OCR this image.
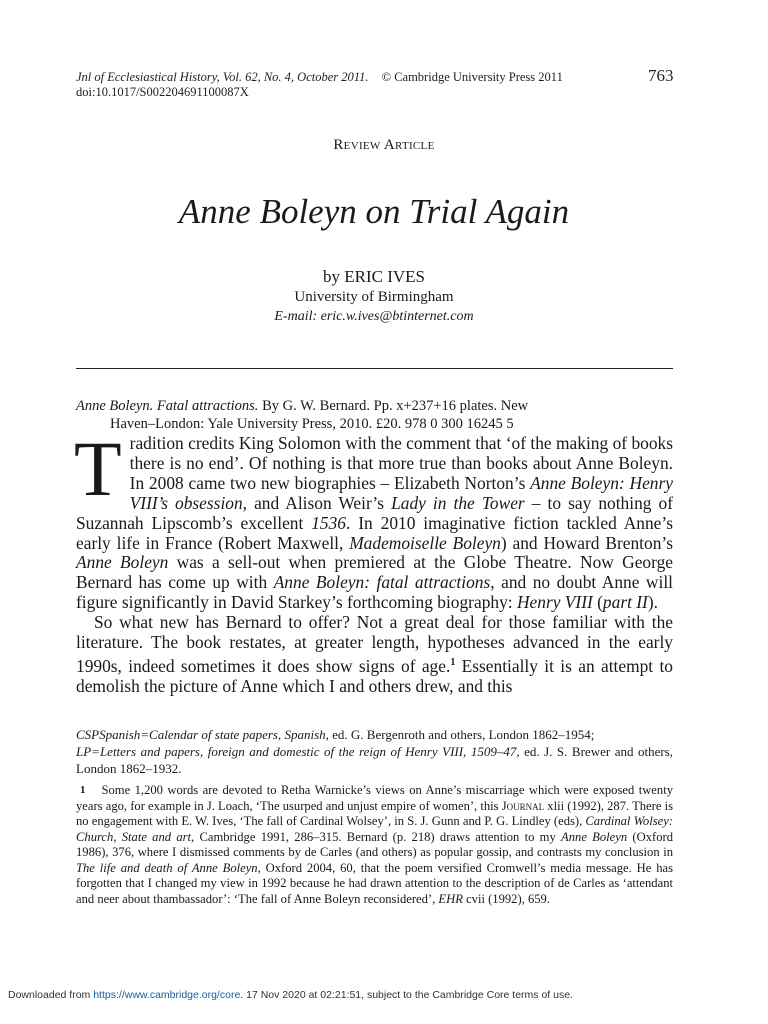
Jnl of Ecclesiastical History, Vol. 62, No. 4, October 2011. © Cambridge University Press 2011
doi:10.1017/S002204691100087X
763
Review Article
Anne Boleyn on Trial Again
by ERIC IVES
University of Birmingham
E-mail: eric.w.ives@btinternet.com
Anne Boleyn. Fatal attractions. By G. W. Bernard. Pp. x+237+16 plates. New
Haven–London: Yale University Press, 2010. £20. 978 0 300 16245 5

Tradition credits King Solomon with the comment that ‘of the making of books there is no end’. Of nothing is that more true than books about Anne Boleyn. In 2008 came two new biographies – Elizabeth Norton’s Anne Boleyn: Henry VIII’s obsession, and Alison Weir’s Lady in the Tower – to say nothing of Suzannah Lipscomb’s excellent 1536. In 2010 imaginative fiction tackled Anne’s early life in France (Robert Maxwell, Mademoiselle Boleyn) and Howard Brenton’s Anne Boleyn was a sell-out when premiered at the Globe Theatre. Now George Bernard has come up with Anne Boleyn: fatal attractions, and no doubt Anne will figure significantly in David Starkey’s forthcoming biography: Henry VIII (part II).

So what new has Bernard to offer? Not a great deal for those familiar with the literature. The book restates, at greater length, hypotheses advanced in the early 1990s, indeed sometimes it does show signs of age.$^1$ Essentially it is an attempt to demolish the picture of Anne which I and others drew, and this

CSPSpanish=Calendar of state papers, Spanish, ed. G. Bergenroth and others, London 1862–1954;
LP=Letters and papers, foreign and domestic of the reign of Henry VIII, 1509–47, ed. J. S. Brewer and others, London 1862–1932.
$^1$ Some 1,200 words are devoted to Retha Warnicke’s views on Anne’s miscarriage which were exposed twenty years ago, for example in J. Loach, ‘The usurped and unjust empire of women’, this Journal xlii (1992), 287. There is no engagement with E. W. Ives, ‘The fall of Cardinal Wolsey’, in S. J. Gunn and P. G. Lindley (eds), Cardinal Wolsey: Church, State and art, Cambridge 1991, 286–315. Bernard (p. 218) draws attention to my Anne Boleyn (Oxford 1986), 376, where I dismissed comments by de Carles (and others) as popular gossip, and contrasts my conclusion in The life and death of Anne Boleyn, Oxford 2004, 60, that the poem versified Cromwell’s media message. He has forgotten that I changed my view in 1992 because he had drawn attention to the description of de Carles as ‘attendant and neer about thambassador’: ‘The fall of Anne Boleyn reconsidered’, EHR cvii (1992), 659.
Downloaded from https://www.cambridge.org/core. 17 Nov 2020 at 02:21:51, subject to the Cambridge Core terms of use.
